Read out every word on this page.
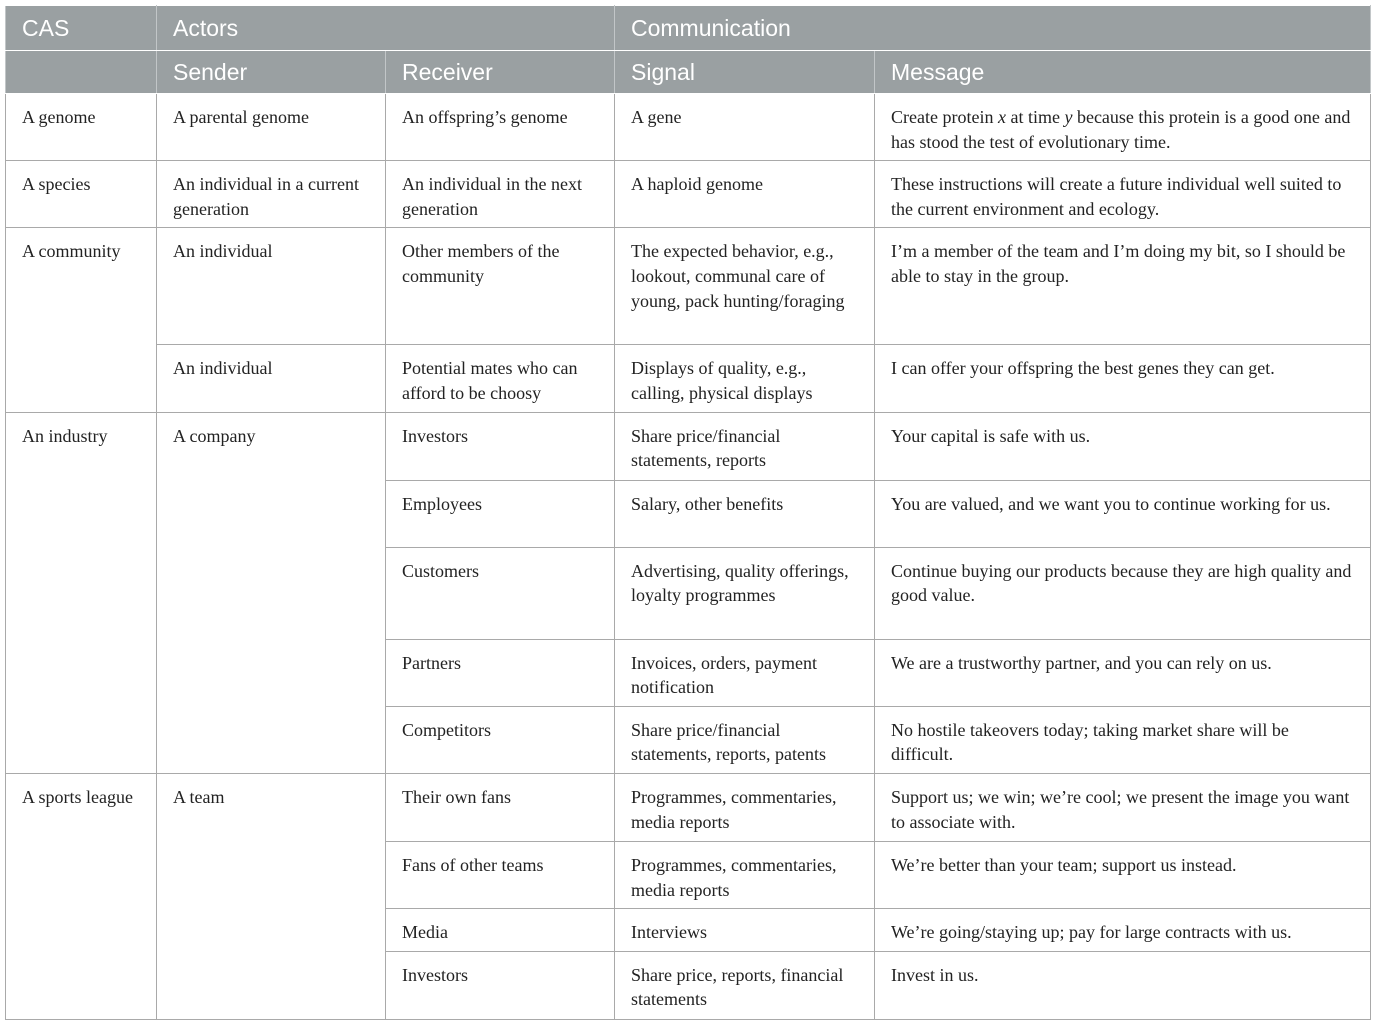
CAS	Actors		Communication	
	Sender	Receiver	Signal	Message
A genome	A parental genome	An offspring’s genome	A gene	Create protein x at time y because this protein is a good one and has stood the test of evolutionary time.
A species	An individual in a current generation	An individual in the next generation	A haploid genome	These instructions will create a future individual well suited to the current environment and ecology.
A community	An individual	Other members of the community	The expected behavior, e.g., lookout, communal care of young, pack hunting/foraging	I’m a member of the team and I’m doing my bit, so I should be able to stay in the group.
	An individual	Potential mates who can afford to be choosy	Displays of quality, e.g., calling, physical displays	I can offer your offspring the best genes they can get.
An industry	A company	Investors	Share price/financial statements, reports	Your capital is safe with us.
		Employees	Salary, other benefits	You are valued, and we want you to continue working for us.
		Customers	Advertising, quality offerings, loyalty programmes	Continue buying our products because they are high quality and good value.
		Partners	Invoices, orders, payment notification	We are a trustworthy partner, and you can rely on us.
		Competitors	Share price/financial statements, reports, patents	No hostile takeovers today; taking market share will be difficult.
A sports league	A team	Their own fans	Programmes, commentaries, media reports	Support us; we win; we’re cool; we present the image you want to associate with.
		Fans of other teams	Programmes, commentaries, media reports	We’re better than your team; support us instead.
		Media	Interviews	We’re going/staying up; pay for large contracts with us.
		Investors	Share price, reports, financial statements	Invest in us.
